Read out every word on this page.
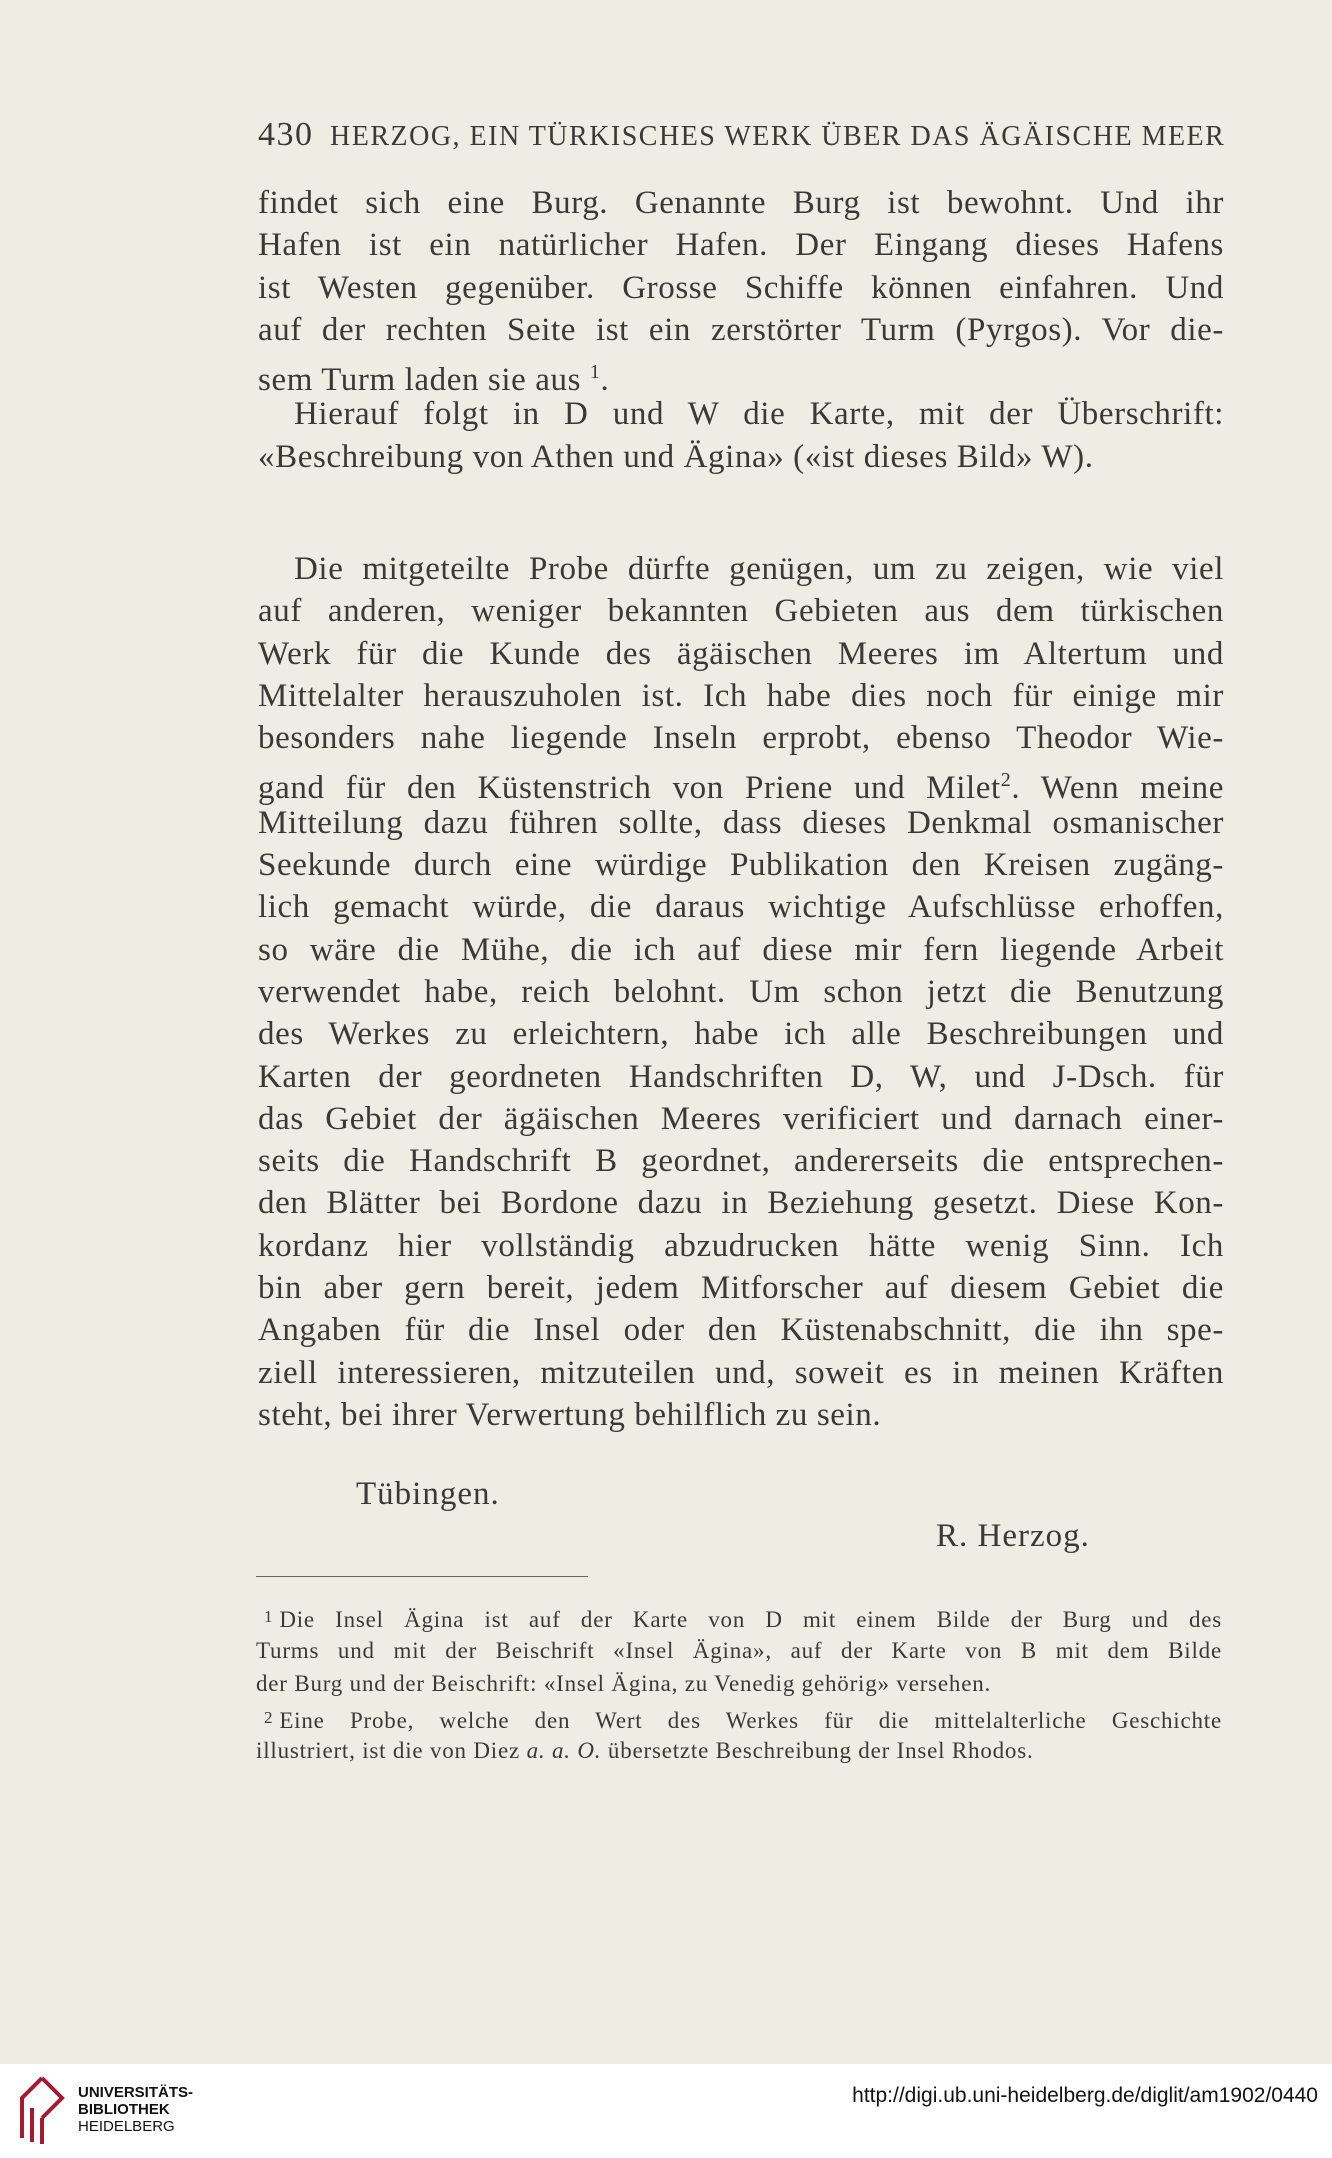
430 HERZOG, EIN TÜRKISCHES WERK ÜBER DAS ÄGÄISCHE MEER
findet sich eine Burg. Genannte Burg ist bewohnt. Und ihr
Hafen ist ein natürlicher Hafen. Der Eingang dieses Hafens
ist Westen gegenüber. Grosse Schiffe können einfahren. Und
auf der rechten Seite ist ein zerstörter Turm (Pyrgos). Vor die-
sem Turm laden sie aus $^1$.
Hierauf folgt in D und W die Karte, mit der Überschrift:
«Beschreibung von Athen und Ägina» («ist dieses Bild» W).
Die mitgeteilte Probe dürfte genügen, um zu zeigen, wie viel
auf anderen, weniger bekannten Gebieten aus dem türkischen
Werk für die Kunde des ägäischen Meeres im Altertum und
Mittelalter herauszuholen ist. Ich habe dies noch für einige mir
besonders nahe liegende Inseln erprobt, ebenso Theodor Wie-
gand für den Küstenstrich von Priene und Milet$^2$. Wenn meine
Mitteilung dazu führen sollte, dass dieses Denkmal osmanischer
Seekunde durch eine würdige Publikation den Kreisen zugäng-
lich gemacht würde, die daraus wichtige Aufschlüsse erhoffen,
so wäre die Mühe, die ich auf diese mir fern liegende Arbeit
verwendet habe, reich belohnt. Um schon jetzt die Benutzung
des Werkes zu erleichtern, habe ich alle Beschreibungen und
Karten der geordneten Handschriften D, W, und J-Dsch. für
das Gebiet der ägäischen Meeres verificiert und darnach einer-
seits die Handschrift B geordnet, andererseits die entsprechen-
den Blätter bei Bordone dazu in Beziehung gesetzt. Diese Kon-
kordanz hier vollständig abzudrucken hätte wenig Sinn. Ich
bin aber gern bereit, jedem Mitforscher auf diesem Gebiet die
Angaben für die Insel oder den Küstenabschnitt, die ihn spe-
ziell interessieren, mitzuteilen und, soweit es in meinen Kräften
steht, bei ihrer Verwertung behilflich zu sein.
Tübingen.
R. Herzog.
$^1$ Die Insel Ägina ist auf der Karte von D mit einem Bilde der Burg und des
Turms und mit der Beischrift «Insel Ägina», auf der Karte von B mit dem Bilde
der Burg und der Beischrift: «Insel Ägina, zu Venedig gehörig» versehen.
$^2$ Eine Probe, welche den Wert des Werkes für die mittelalterliche Geschichte
illustriert, ist die von Diez a. a. O. übersetzte Beschreibung der Insel Rhodos.
UNIVERSITÄTS-
BIBLIOTHEK
HEIDELBERG
http://digi.ub.uni-heidelberg.de/diglit/am1902/0440
